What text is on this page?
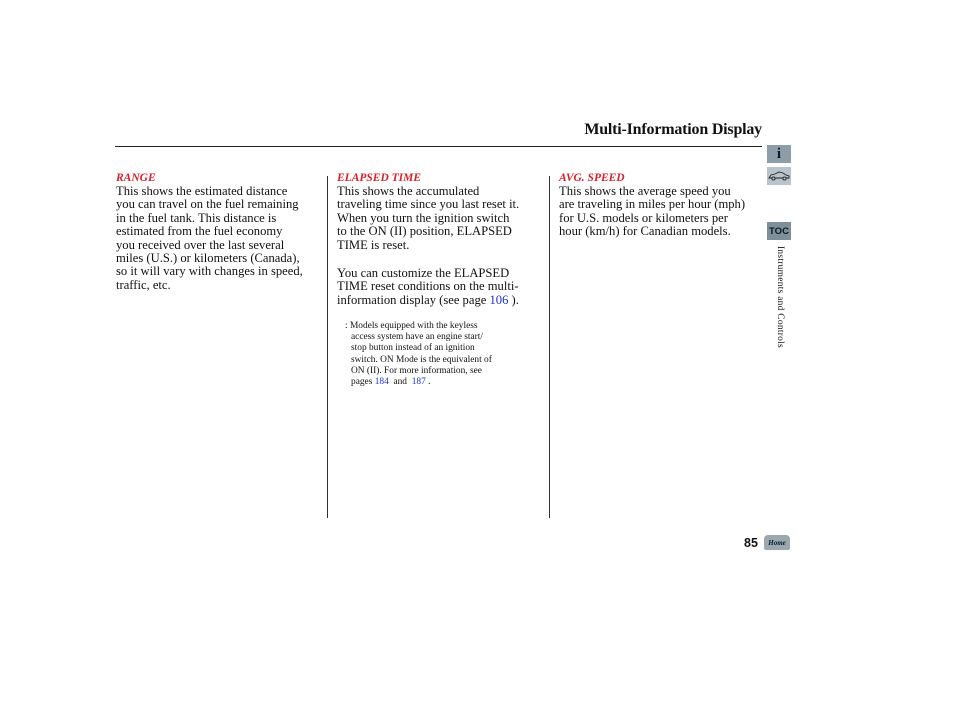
Multi-Information Display
RANGE

This shows the estimated distance

you can travel on the fuel remaining

in the fuel tank. This distance is

estimated from the fuel economy

you received over the last several

miles (U.S.) or kilometers (Canada),

so it will vary with changes in speed,

traffic, etc.

ELAPSED TIME

This shows the accumulated

traveling time since you last reset it.

When you turn the ignition switch

to the ON (II) position, ELAPSED

TIME is reset.

You can customize the ELAPSED

TIME reset conditions on the multi-

information display (see page 106 ).

: Models equipped with the keyless
access system have an engine start/
stop button instead of an ignition
switch. ON Mode is the equivalent of
ON (II). For more information, see
pages 184  and  187 .
AVG. SPEED

This shows the average speed you

are traveling in miles per hour (mph)

for U.S. models or kilometers per

hour (km/h) for Canadian models.

i
TOC
Instruments and Controls
85	Home
